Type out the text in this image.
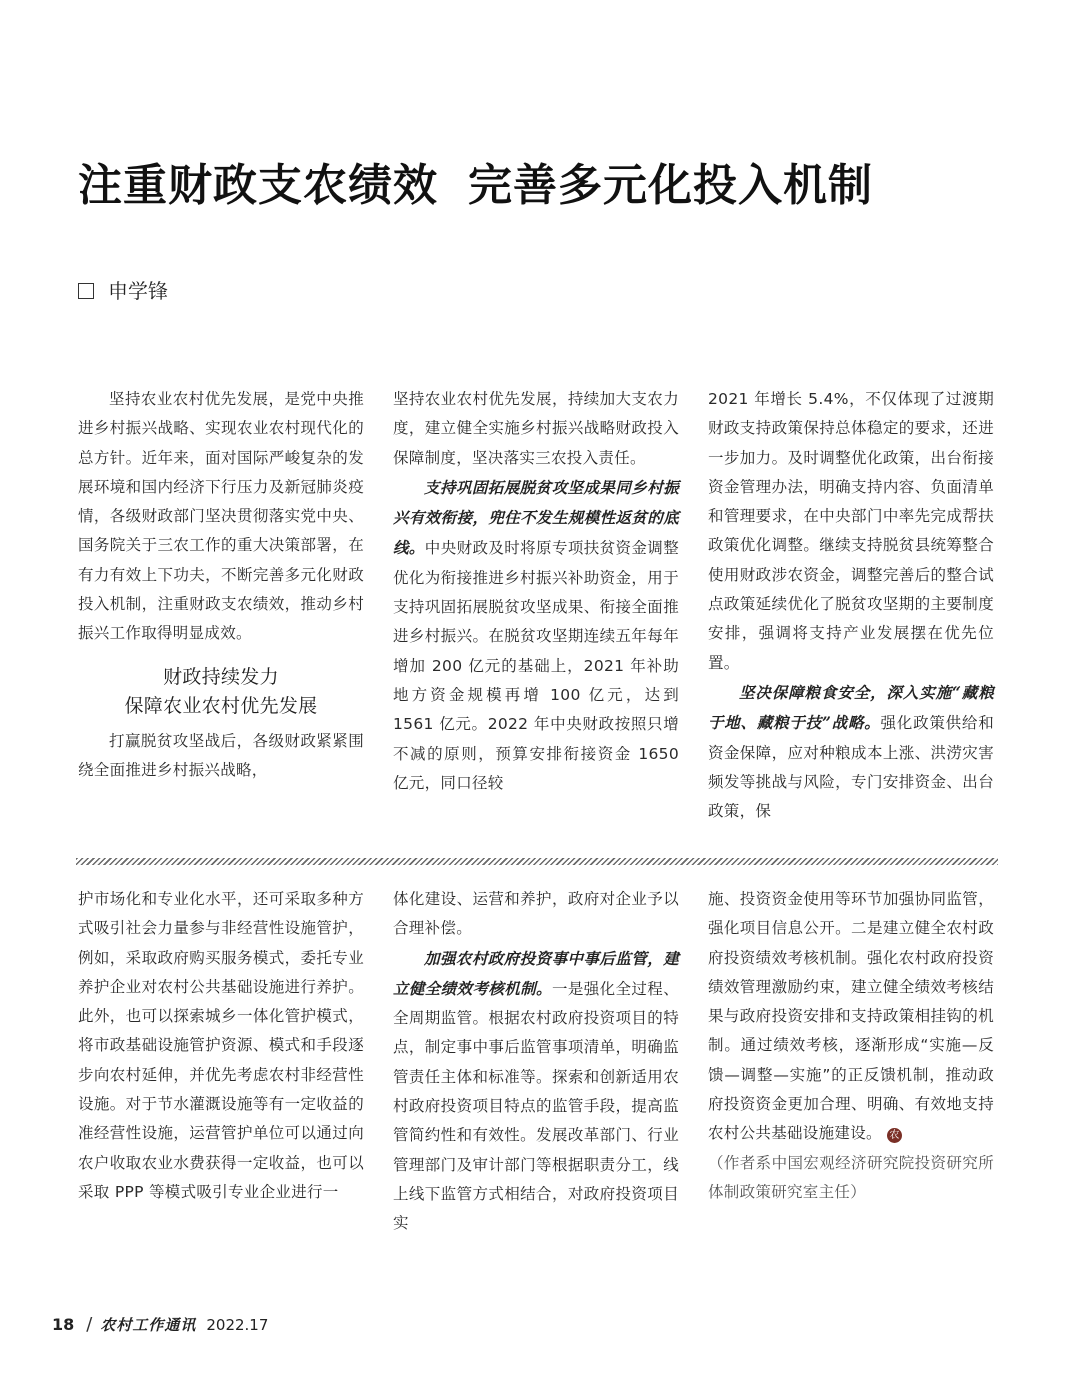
注重财政支农绩效 完善多元化投入机制
申学锋

坚持农业农村优先发展，是党中央推进乡村振兴战略、实现农业农村现代化的总方针。近年来，面对国际严峻复杂的发展环境和国内经济下行压力及新冠肺炎疫情，各级财政部门坚决贯彻落实党中央、国务院关于三农工作的重大决策部署，在有力有效上下功夫，不断完善多元化财政投入机制，注重财政支农绩效，推动乡村振兴工作取得明显成效。

财政持续发力
保障农业农村优先发展

打赢脱贫攻坚战后，各级财政紧紧围绕全面推进乡村振兴战略，

坚持农业农村优先发展，持续加大支农力度，建立健全实施乡村振兴战略财政投入保障制度，坚决落实三农投入责任。

支持巩固拓展脱贫攻坚成果同乡村振兴有效衔接，兜住不发生规模性返贫的底线。中央财政及时将原专项扶贫资金调整优化为衔接推进乡村振兴补助资金，用于支持巩固拓展脱贫攻坚成果、衔接全面推进乡村振兴。在脱贫攻坚期连续五年每年增加 200 亿元的基础上，2021 年补助地方资金规模再增 100 亿元，达到 1561 亿元。2022 年中央财政按照只增不减的原则，预算安排衔接资金 1650 亿元，同口径较

2021 年增长 5.4%，不仅体现了过渡期财政支持政策保持总体稳定的要求，还进一步加力。及时调整优化政策，出台衔接资金管理办法，明确支持内容、负面清单和管理要求，在中央部门中率先完成帮扶政策优化调整。继续支持脱贫县统筹整合使用财政涉农资金，调整完善后的整合试点政策延续优化了脱贫攻坚期的主要制度安排，强调将支持产业发展摆在优先位置。

坚决保障粮食安全，深入实施“藏粮于地、藏粮于技”战略。强化政策供给和资金保障，应对种粮成本上涨、洪涝灾害频发等挑战与风险，专门安排资金、出台政策，保

护市场化和专业化水平，还可采取多种方式吸引社会力量参与非经营性设施管护，例如，采取政府购买服务模式，委托专业养护企业对农村公共基础设施进行养护。此外，也可以探索城乡一体化管护模式，将市政基础设施管护资源、模式和手段逐步向农村延伸，并优先考虑农村非经营性设施。对于节水灌溉设施等有一定收益的准经营性设施，运营管护单位可以通过向农户收取农业水费获得一定收益，也可以采取 PPP 等模式吸引专业企业进行一

体化建设、运营和养护，政府对企业予以合理补偿。

加强农村政府投资事中事后监管，建立健全绩效考核机制。一是强化全过程、全周期监管。根据农村政府投资项目的特点，制定事中事后监管事项清单，明确监管责任主体和标准等。探索和创新适用农村政府投资项目特点的监管手段，提高监管简约性和有效性。发展改革部门、行业管理部门及审计部门等根据职责分工，线上线下监管方式相结合，对政府投资项目实

施、投资资金使用等环节加强协同监管，强化项目信息公开。二是建立健全农村政府投资绩效考核机制。强化农村政府投资绩效管理激励约束，建立健全绩效考核结果与政府投资安排和支持政策相挂钩的机制。通过绩效考核，逐渐形成“实施—反馈—调整—实施”的正反馈机制，推动政府投资资金更加合理、明确、有效地支持农村公共基础设施建设。 农

（作者系中国宏观经济研究院投资研究所体制政策研究室主任）

18 / 农村工作通讯 2022.17
